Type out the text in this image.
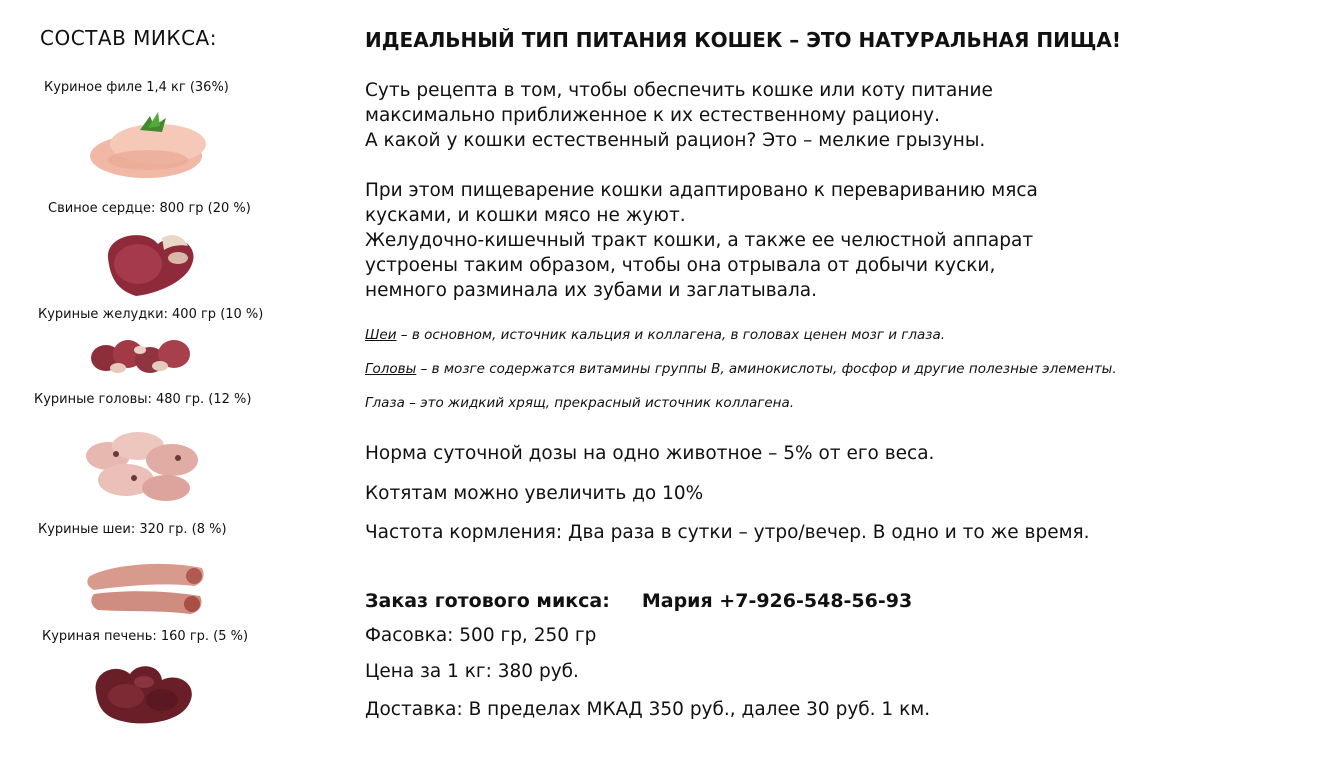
СОСТАВ МИКСА:
Куриное филе 1,4 кг (36%)
Свиное сердце: 800 гр (20 %)
Куриные желудки: 400 гр (10 %)
Куриные головы: 480 гр. (12 %)
Куриные шеи: 320 гр. (8 %)
Куриная печень: 160 гр. (5 %)
ИДЕАЛЬНЫЙ ТИП ПИТАНИЯ КОШЕК – ЭТО НАТУРАЛЬНАЯ ПИЩА!
Суть рецепта в том, чтобы обеспечить кошке или коту питание
максимально приближенное к их естественному рациону.
А какой у кошки естественный рацион? Это – мелкие грызуны.
При этом пищеварение кошки адаптировано к перевариванию мяса
кусками, и кошки мясо не жуют.
Желудочно-кишечный тракт кошки, а также ее челюстной аппарат
устроены таким образом, чтобы она отрывала от добычи куски,
немного разминала их зубами и заглатывала.
Шеи – в основном, источник кальция и коллагена, в головах ценен мозг и глаза.
Головы – в мозге содержатся витамины группы В, аминокислоты, фосфор и другие полезные элементы.
Глаза – это жидкий хрящ, прекрасный источник коллагена.
Норма суточной дозы на одно животное – 5% от его веса.
Котятам можно увеличить до 10%
Частота кормления: Два раза в сутки – утро/вечер. В одно и то же время.
Заказ готового микса: Мария +7-926-548-56-93
Фасовка: 500 гр, 250 гр
Цена за 1 кг: 380 руб.
Доставка: В пределах МКАД 350 руб., далее 30 руб. 1 км.
